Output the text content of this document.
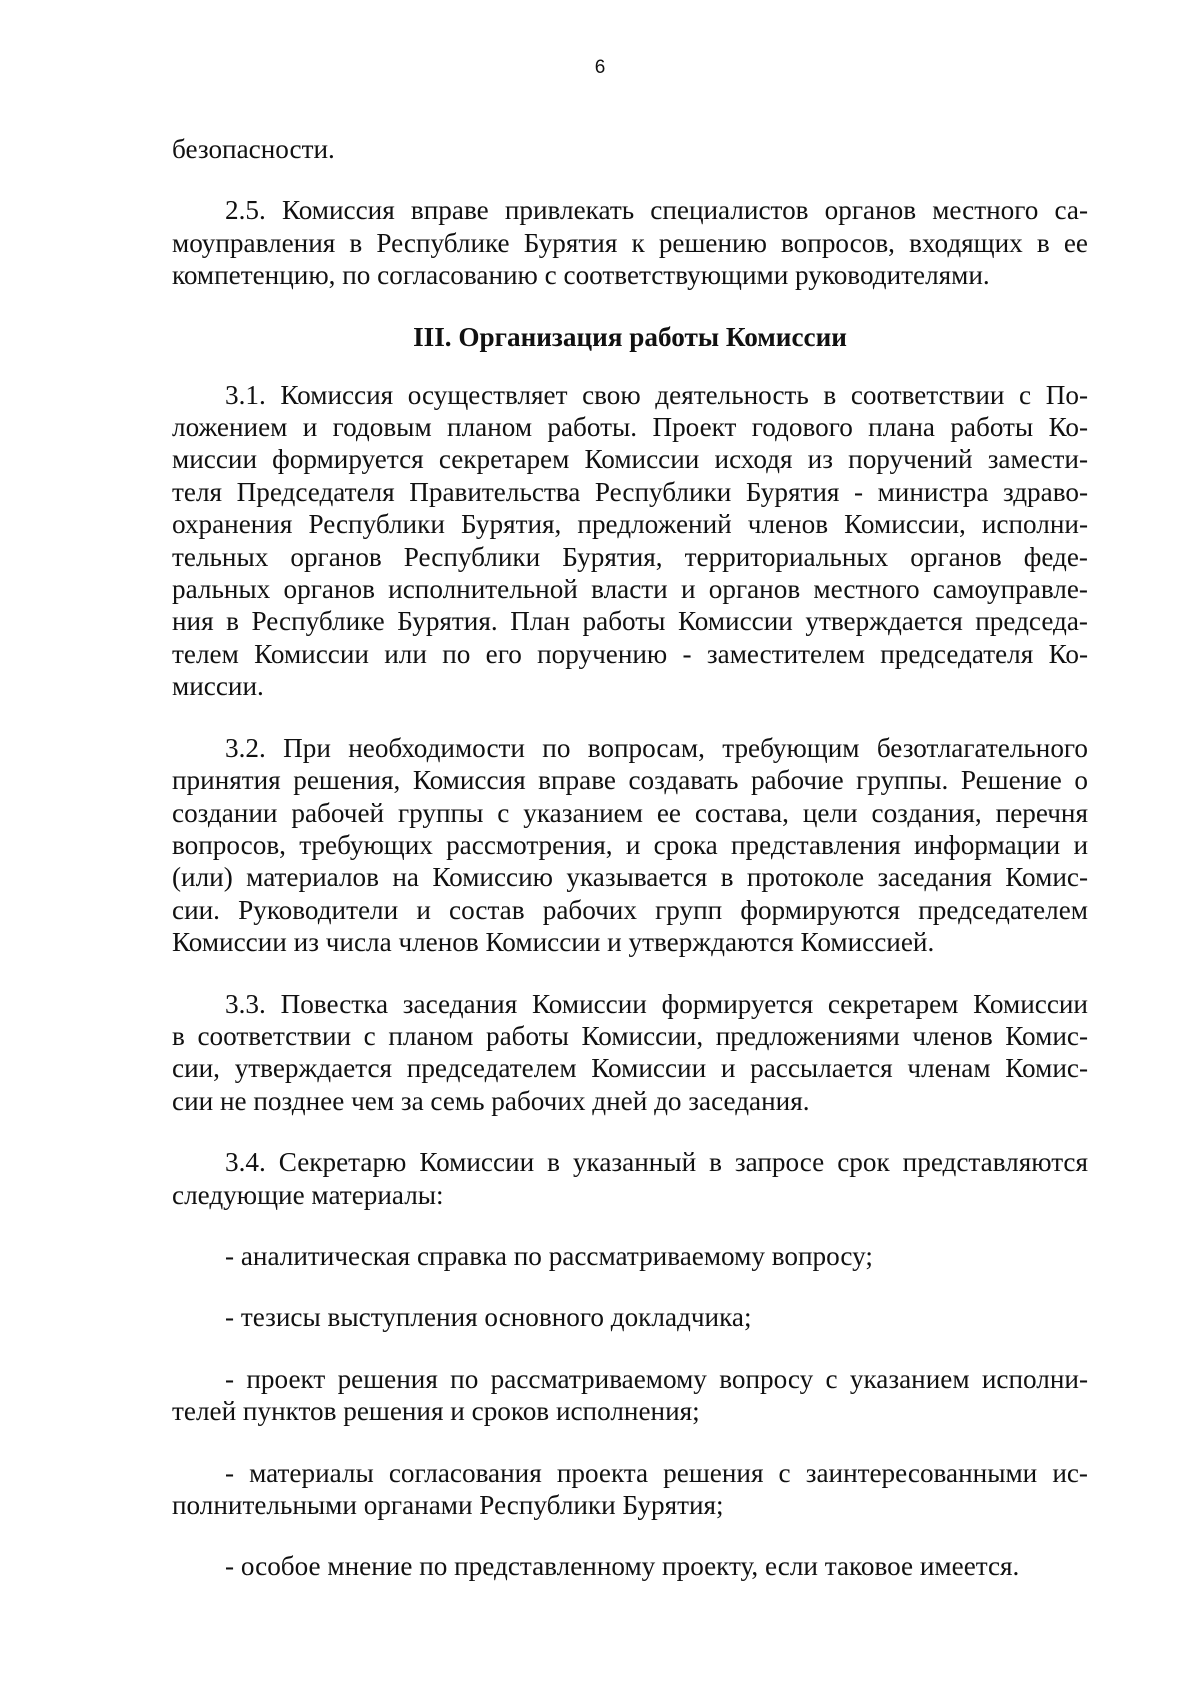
6
безопасности.
2.5. Комиссия вправе привлекать специалистов органов местного са-
моуправления в Республике Бурятия к решению вопросов, входящих в ее
компетенцию, по согласованию с соответствующими руководителями.
III. Организация работы Комиссии
3.1. Комиссия осуществляет свою деятельность в соответствии с По-
ложением и годовым планом работы. Проект годового плана работы Ко-
миссии формируется секретарем Комиссии исходя из поручений замести-
теля Председателя Правительства Республики Бурятия - министра здраво-
охранения Республики Бурятия, предложений членов Комиссии, исполни-
тельных органов Республики Бурятия, территориальных органов феде-
ральных органов исполнительной власти и органов местного самоуправле-
ния в Республике Бурятия. План работы Комиссии утверждается председа-
телем Комиссии или по его поручению - заместителем председателя Ко-
миссии.
3.2. При необходимости по вопросам, требующим безотлагательного
принятия решения, Комиссия вправе создавать рабочие группы. Решение о
создании рабочей группы с указанием ее состава, цели создания, перечня
вопросов, требующих рассмотрения, и срока представления информации и
(или) материалов на Комиссию указывается в протоколе заседания Комис-
сии. Руководители и состав рабочих групп формируются председателем
Комиссии из числа членов Комиссии и утверждаются Комиссией.
3.3. Повестка заседания Комиссии формируется секретарем Комиссии
в соответствии с планом работы Комиссии, предложениями членов Комис-
сии, утверждается председателем Комиссии и рассылается членам Комис-
сии не позднее чем за семь рабочих дней до заседания.
3.4. Секретарю Комиссии в указанный в запросе срок представляются
следующие материалы:
- аналитическая справка по рассматриваемому вопросу;
- тезисы выступления основного докладчика;
- проект решения по рассматриваемому вопросу с указанием исполни-
телей пунктов решения и сроков исполнения;
- материалы согласования проекта решения с заинтересованными ис-
полнительными органами Республики Бурятия;
- особое мнение по представленному проекту, если таковое имеется.
